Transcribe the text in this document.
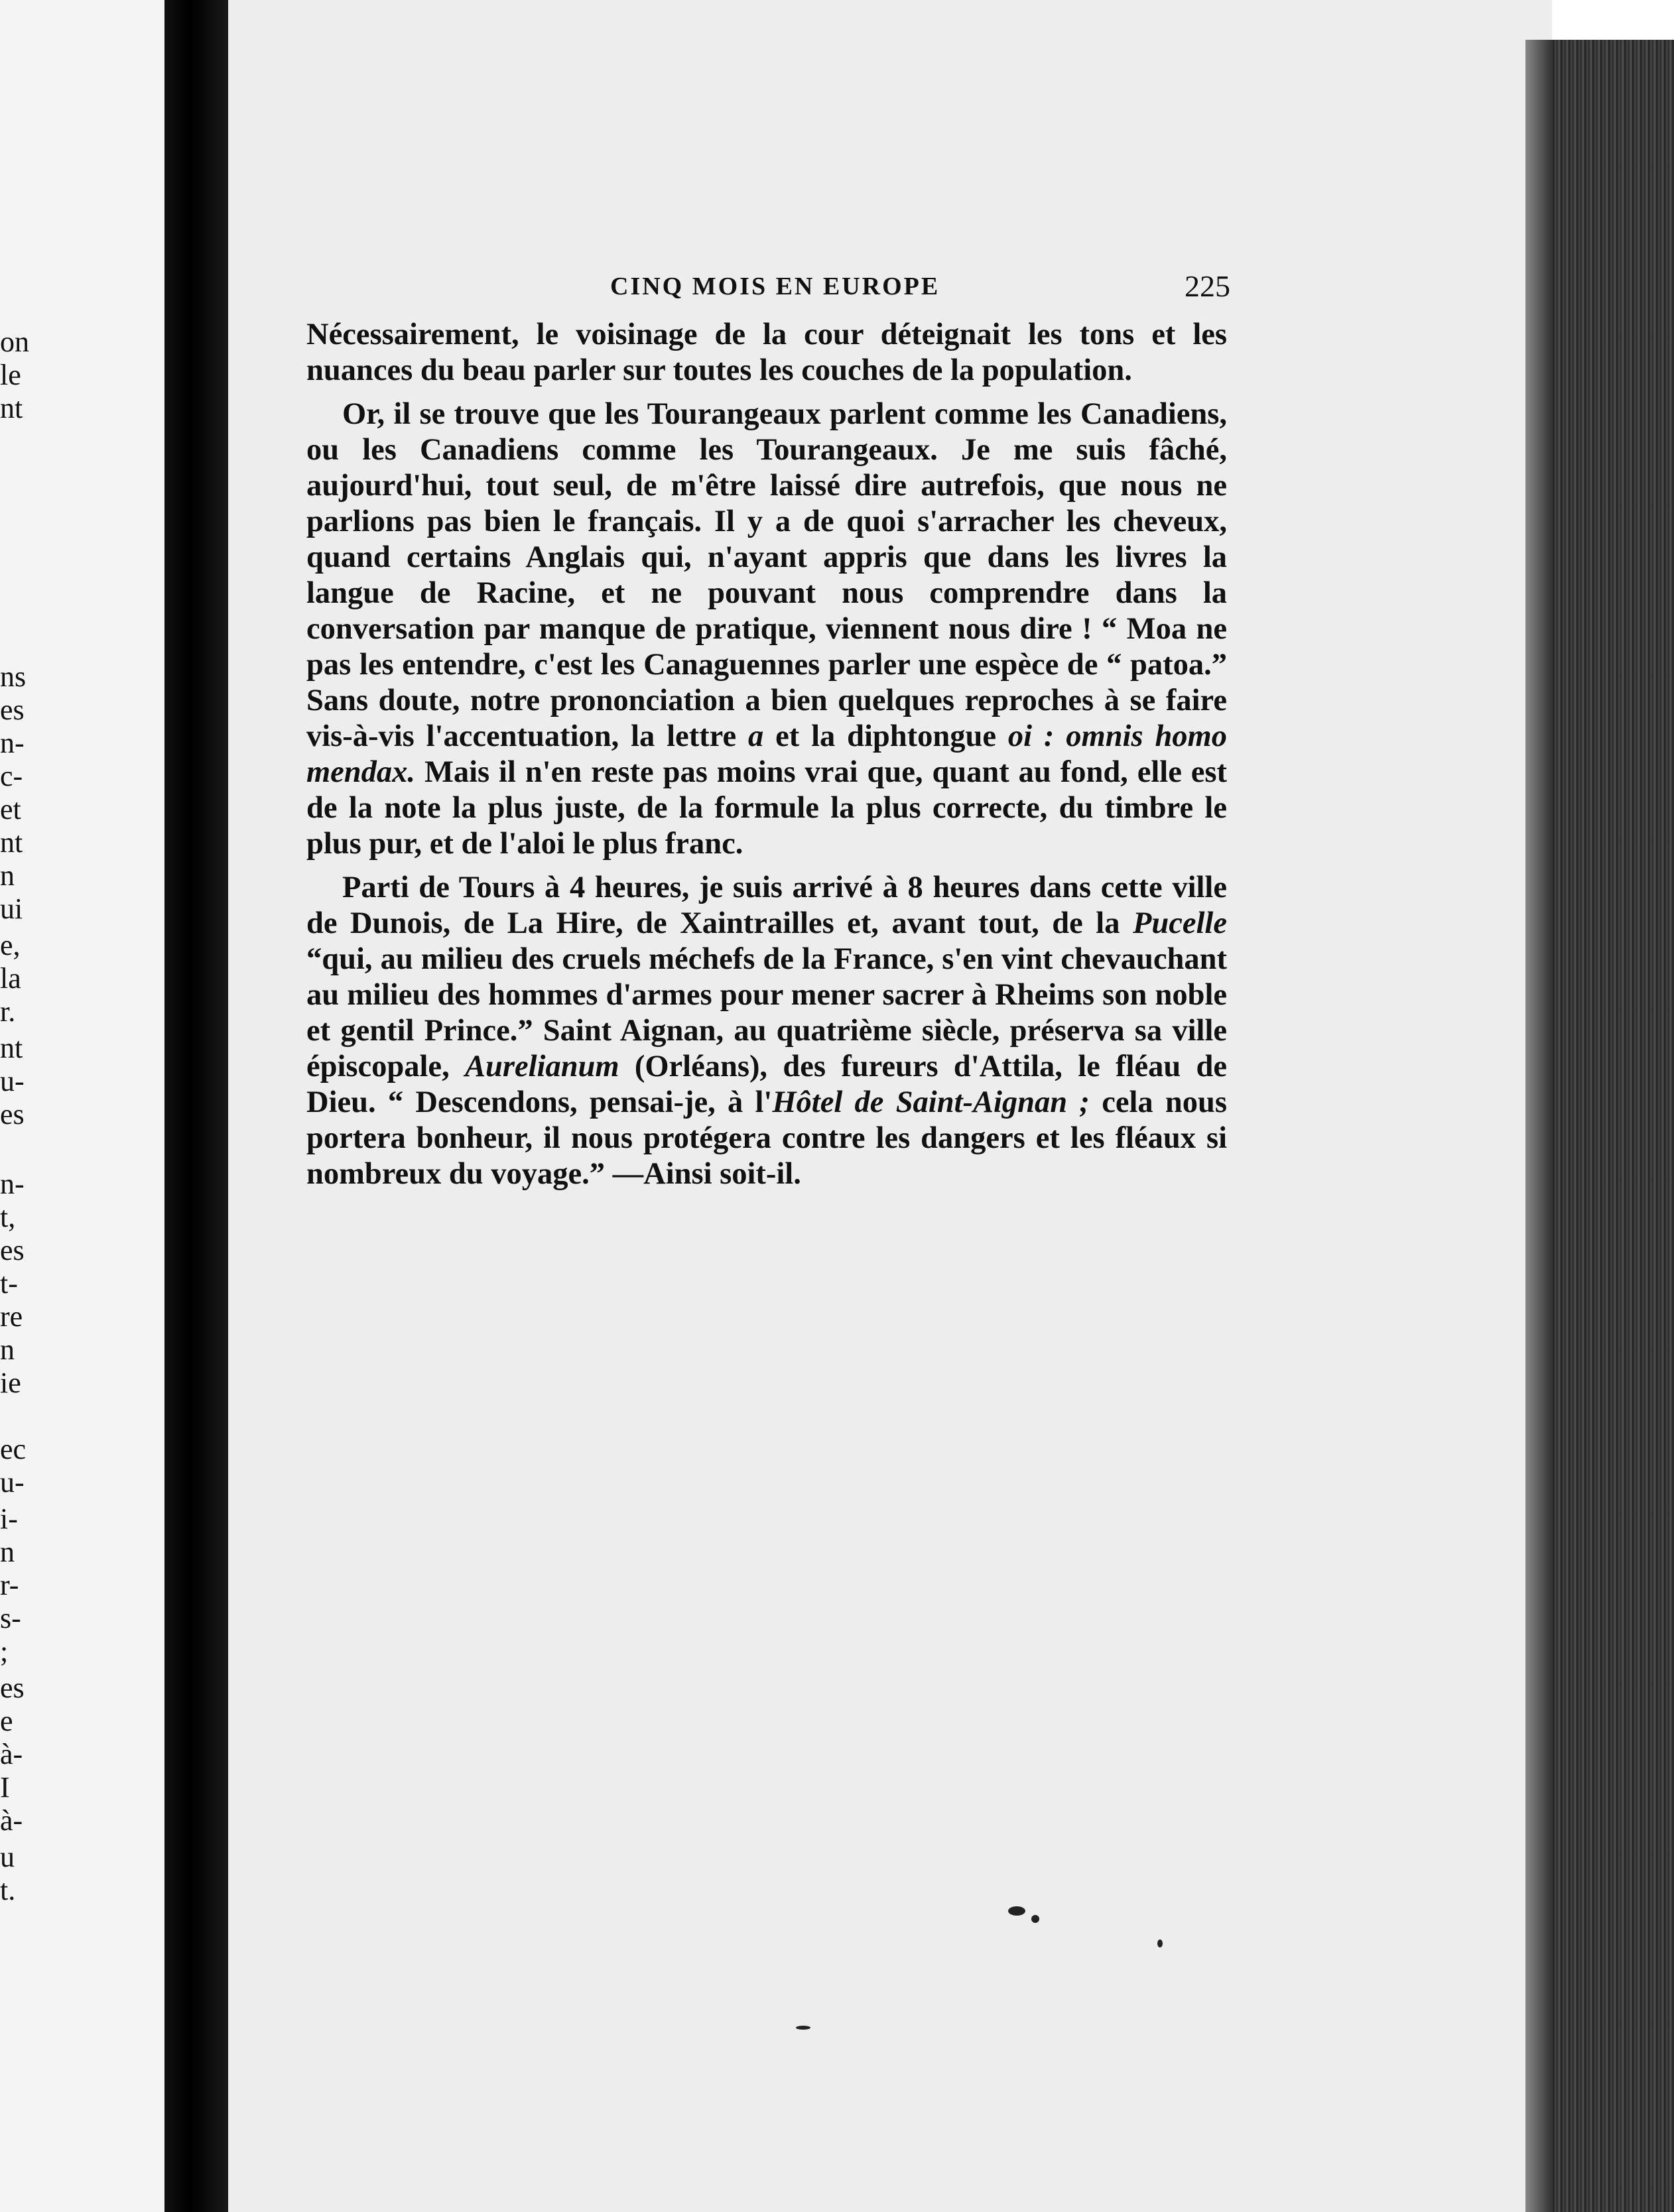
on
le
nt
ns
es
n-
c-
et
nt
n
ui
e,
la
r.
nt
u-
es
n-
t,
es
t-
re
n
ie
ec
u-
i-
n
r-
s-
;
es
e
à-
I
à-
u
t.
CINQ MOIS EN EUROPE	225

Nécessairement, le voisinage de la cour déteignait les tons et les nuances du beau parler sur toutes les couches de la population.

Or, il se trouve que les Tourangeaux parlent comme les Canadiens, ou les Canadiens comme les Tourangeaux. Je me suis fâché, aujourd'hui, tout seul, de m'être laissé dire autrefois, que nous ne parlions pas bien le français. Il y a de quoi s'arracher les cheveux, quand certains Anglais qui, n'ayant appris que dans les livres la langue de Racine, et ne pouvant nous comprendre dans la conversation par manque de pratique, viennent nous dire ! “ Moa ne pas les entendre, c'est les Canaguennes parler une espèce de “ patoa.” Sans doute, notre prononciation a bien quelques reproches à se faire vis-à-vis l'accentuation, la lettre a et la diphtongue oi : omnis homo mendax. Mais il n'en reste pas moins vrai que, quant au fond, elle est de la note la plus juste, de la formule la plus correcte, du timbre le plus pur, et de l'aloi le plus franc.

Parti de Tours à 4 heures, je suis arrivé à 8 heures dans cette ville de Dunois, de La Hire, de Xaintrailles et, avant tout, de la Pucelle “qui, au milieu des cruels méchefs de la France, s'en vint chevauchant au milieu des hommes d'armes pour mener sacrer à Rheims son noble et gentil Prince.” Saint Aignan, au quatrième siècle, préserva sa ville épiscopale, Aurelianum (Orléans), des fureurs d'Attila, le fléau de Dieu. “ Descendons, pensai-je, à l'Hôtel de Saint-Aignan ; cela nous portera bonheur, il nous protégera contre les dangers et les fléaux si nombreux du voyage.” —Ainsi soit-il.
